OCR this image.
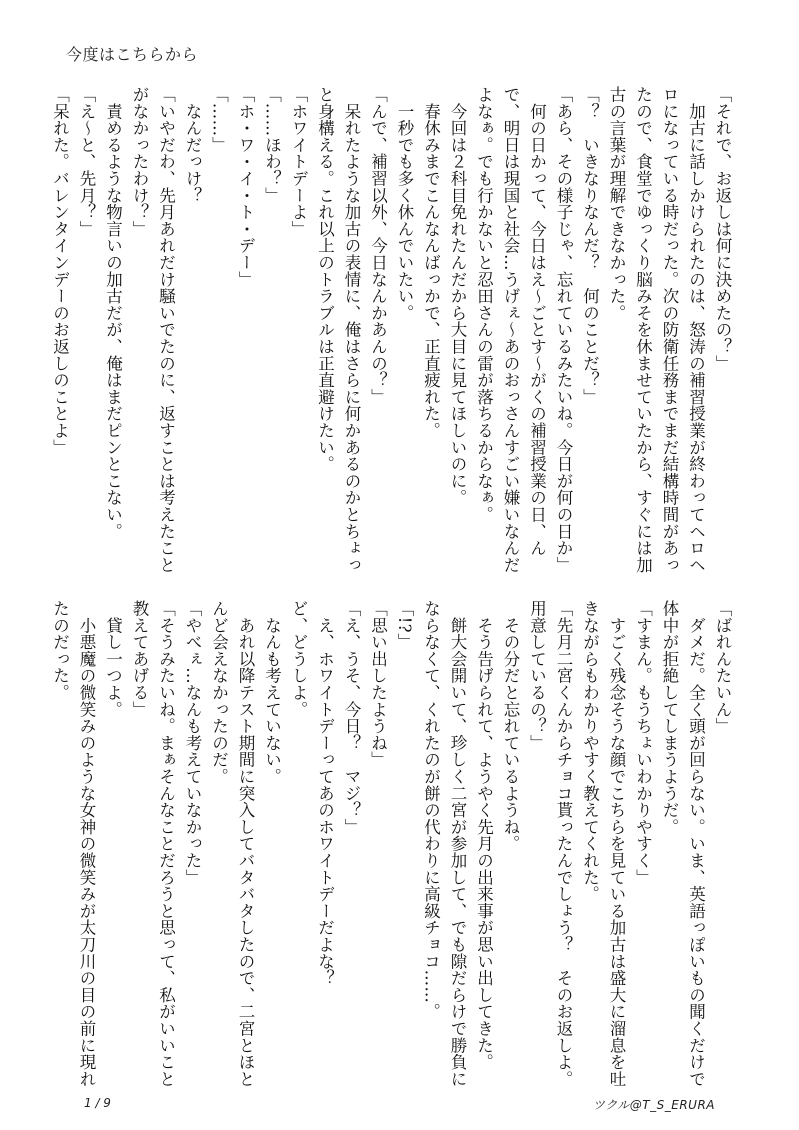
今度はこちらから
「それで、お返しは何に決めたの？」
　加古に話しかけられたのは、怒涛の補習授業が終わってヘロヘ
ロになっている時だった。次の防衛任務までまだ結構時間があっ
たので、食堂でゆっくり脳みそを休ませていたから、すぐには加
古の言葉が理解できなかった。
「？　いきなりなんだ？　何のことだ？」
「あら、その様子じゃ、忘れているみたいね。今日が何の日か」
　何の日かって、今日はえ～ごとす～がくの補習授業の日、ん
で、明日は現国と社会…うげぇ～あのおっさんすごい嫌いなんだ
よなぁ。でも行かないと忍田さんの雷が落ちるからなぁ。
　今回は２科目免れたんだから大目に見てほしいのに。
　春休みまでこんなんばっかで、正直疲れた。
　一秒でも多く休んでいたい。
「んで、補習以外、今日なんかあんの？」
　呆れたような加古の表情に、俺はさらに何かあるのかとちょっ
と身構える。これ以上のトラブルは正直避けたい。
「ホワイトデーよ」
「……ほわ？」
「ホ・ワ・イ・ト・デー」
「……」
　なんだっけ？
「いやだわ、先月あれだけ騒いでたのに、返すことは考えたこと
がなかったわけ？」
　責めるような物言いの加古だが、俺はまだピンとこない。
「え～と、先月？」
「呆れた。バレンタインデーのお返しのことよ」
「ばれんたいん」
　ダメだ。全く頭が回らない。いま、英語っぽいもの聞くだけで
体中が拒絶してしまうようだ。
「すまん。もうちょいわかりやすく」
　すごく残念そうな顔でこちらを見ている加古は盛大に溜息を吐
きながらもわかりやすく教えてくれた。
「先月二宮くんからチョコ貰ったんでしょう？　そのお返しよ。
用意しているの？」
　その分だと忘れているようね。
　そう告げられて、ようやく先月の出来事が思い出してきた。
　餅大会開いて、珍しく二宮が参加して、でも隙だらけで勝負に
ならなくて、くれたのが餅の代わりに高級チョコ……。
「!?」
「思い出したようね」
「え、うそ、今日？　マジ？」
　え、ホワイトデーってあのホワイトデーだよな？
ど、どうしよ。
　なんも考えていない。
　あれ以降テスト期間に突入してバタバタしたので、二宮とほと
んど会えなかったのだ。
「やべぇ…なんも考えていなかった」
「そうみたいね。まぁそんなことだろうと思って、私がいいこと
教えてあげる」
　貸し一つよ。
　小悪魔の微笑みのような女神の微笑みが太刀川の目の前に現れ
たのだった。
1 / 9	ツクル@T_S_ERURA
